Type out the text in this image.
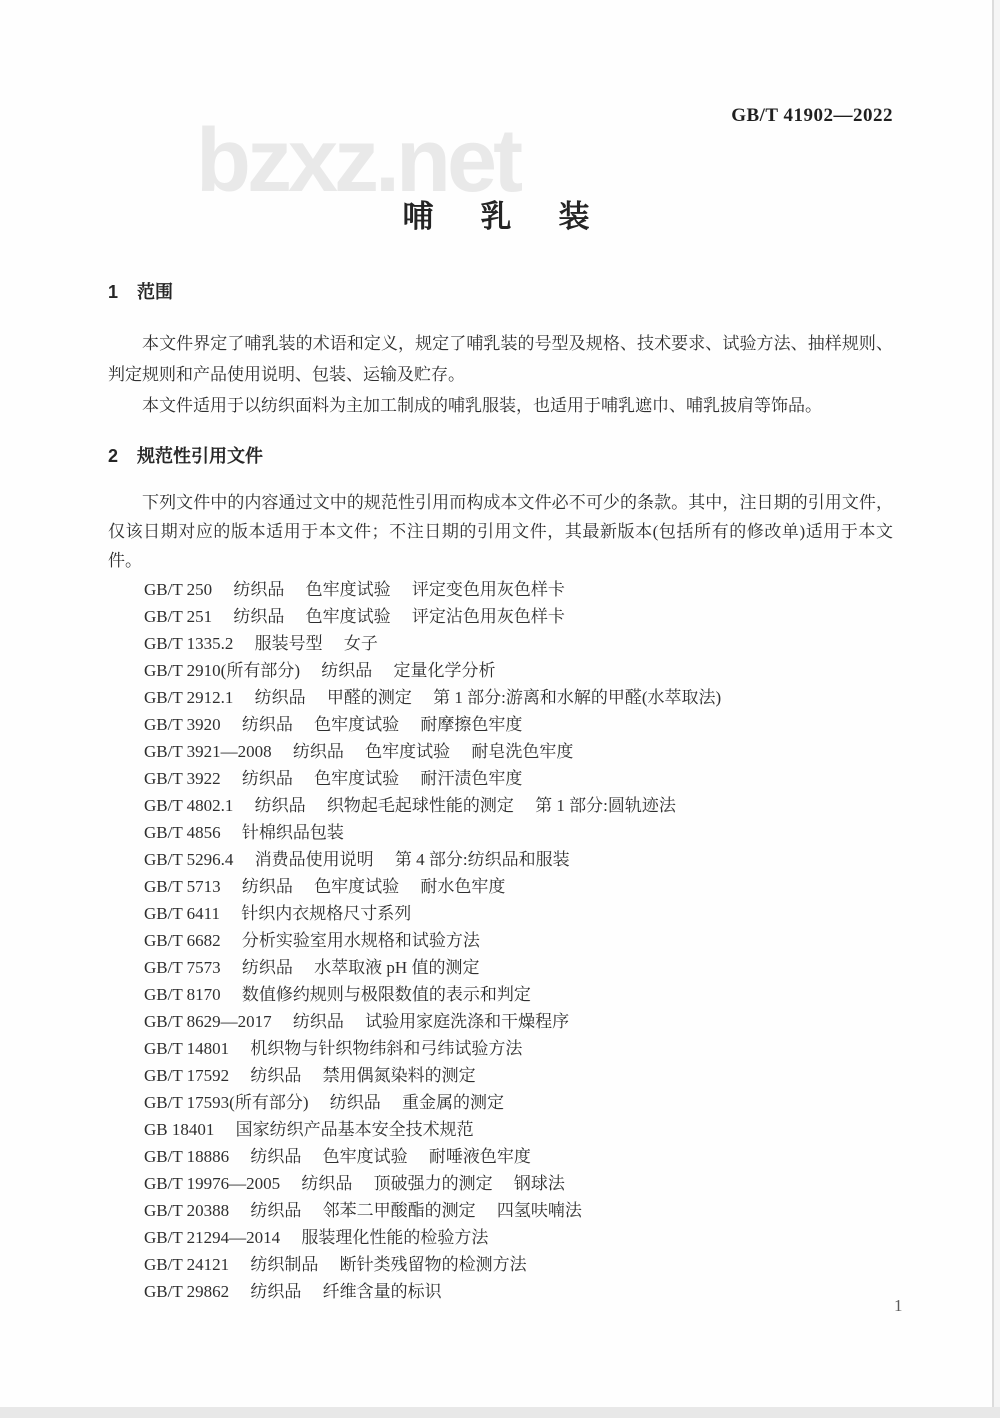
bzxz.net	GB/T 41902—2022
哺　乳　装
1 范围
本文件界定了哺乳装的术语和定义，规定了哺乳装的号型及规格、技术要求、试验方法、抽样规则、判定规则和产品使用说明、包装、运输及贮存。
本文件适用于以纺织面料为主加工制成的哺乳服装，也适用于哺乳遮巾、哺乳披肩等饰品。
2 规范性引用文件
下列文件中的内容通过文中的规范性引用而构成本文件必不可少的条款。其中，注日期的引用文件，仅该日期对应的版本适用于本文件；不注日期的引用文件，其最新版本(包括所有的修改单)适用于本文件。
GB/T 250　 纺织品　 色牢度试验　 评定变色用灰色样卡
GB/T 251　 纺织品　 色牢度试验　 评定沾色用灰色样卡
GB/T 1335.2　 服装号型　 女子
GB/T 2910(所有部分)　 纺织品　 定量化学分析
GB/T 2912.1　 纺织品　 甲醛的测定　 第 1 部分:游离和水解的甲醛(水萃取法)
GB/T 3920　 纺织品　 色牢度试验　 耐摩擦色牢度
GB/T 3921—2008　 纺织品　 色牢度试验　 耐皂洗色牢度
GB/T 3922　 纺织品　 色牢度试验　 耐汗渍色牢度
GB/T 4802.1　 纺织品　 织物起毛起球性能的测定　 第 1 部分:圆轨迹法
GB/T 4856　 针棉织品包装
GB/T 5296.4　 消费品使用说明　 第 4 部分:纺织品和服装
GB/T 5713　 纺织品　 色牢度试验　 耐水色牢度
GB/T 6411　 针织内衣规格尺寸系列
GB/T 6682　 分析实验室用水规格和试验方法
GB/T 7573　 纺织品　 水萃取液 pH 值的测定
GB/T 8170　 数值修约规则与极限数值的表示和判定
GB/T 8629—2017　 纺织品　 试验用家庭洗涤和干燥程序
GB/T 14801　 机织物与针织物纬斜和弓纬试验方法
GB/T 17592　 纺织品　 禁用偶氮染料的测定
GB/T 17593(所有部分)　 纺织品　 重金属的测定
GB 18401　 国家纺织产品基本安全技术规范
GB/T 18886　 纺织品　 色牢度试验　 耐唾液色牢度
GB/T 19976—2005　 纺织品　 顶破强力的测定　 钢球法
GB/T 20388　 纺织品　 邻苯二甲酸酯的测定　 四氢呋喃法
GB/T 21294—2014　 服装理化性能的检验方法
GB/T 24121　 纺织制品　 断针类残留物的检测方法
GB/T 29862　 纺织品　 纤维含量的标识
1
